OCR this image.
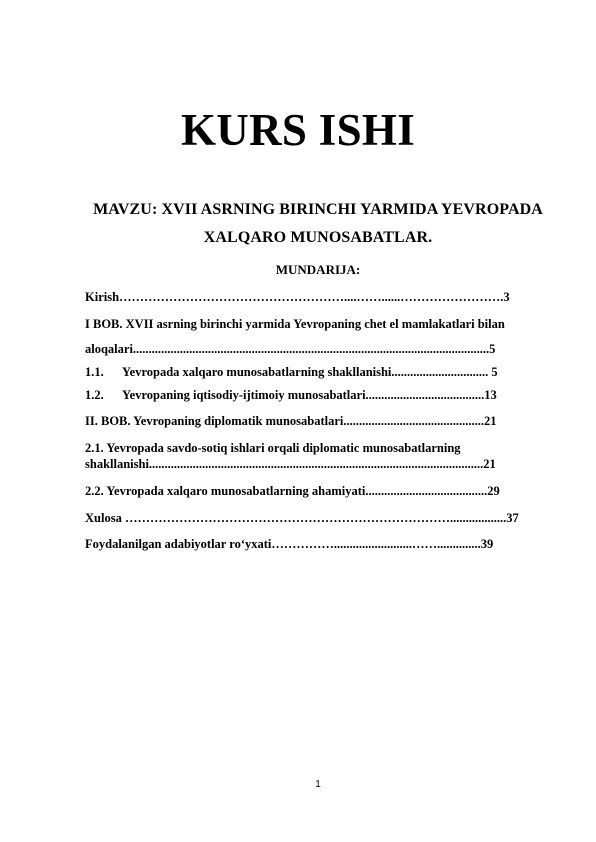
KURS ISHI
MAVZU: XVII ASRNING BIRINCHI YARMIDA YEVROPADA
XALQARO MUNOSABATLAR.
MUNDARIJA:
Kirish………………………………………………....……......…………………….3
I BOB. XVII asrning birinchi yarmida Yevropaning chet el mamlakatlari bilan
aloqalari..................................................................................................................5
1.1. Yevropada xalqaro munosabatlarning shakllanishi............................... 5
1.2. Yevropaning iqtisodiy-ijtimoiy munosabatlari......................................13
II. BOB. Yevropaning diplomatik munosabatlari.............................................21
2.1. Yevropada savdo-sotiq ishlari orqali diplomatic munosabatlarning
shakllanishi...........................................................................................................21
2.2. Yevropada xalqaro munosabatlarning ahamiyati.......................................29
Xulosa ……………………………………………………………………..................37
Foydalanilgan adabiyotlar ro‘yxati…………….........................……..............39
1
